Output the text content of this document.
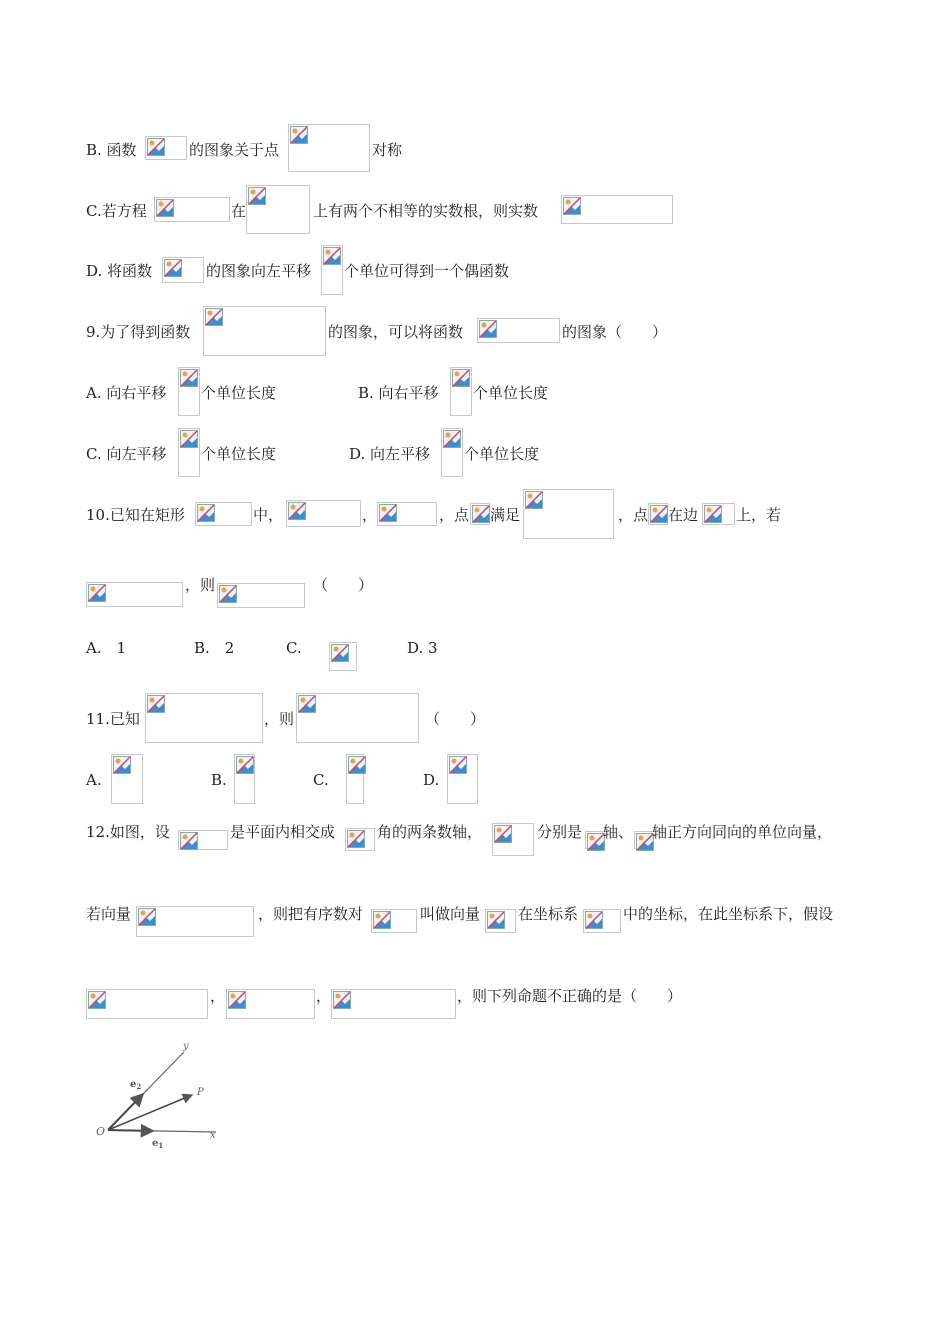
B. 函数	的图象关于点	对称
C.若方程	在	上有两个不相等的实数根，则实数
D. 将函数	的图象向左平移 个单位可得到一个偶函数
9.为了得到函数	的图象，可以将函数	的图象（　　）
A. 向右平移 个单位长度	B. 向右平移 个单位长度
C. 向左平移 个单位长度	D. 向左平移 个单位长度
10.已知在矩形	中，	，	，点 满足	，点 在边	上，若
，则	（　　）
A.　1	B.　2	C.	D. 3
11.已知	，则	（　　）
A.	B.	C.	D.
12.如图，设	是平面内相交成	角的两条数轴，	分别是 轴、 轴正方向同向的单位向量，
若向量	，则把有序数对	叫做向量	在坐标系	中的坐标，在此坐标系下，假设
，	，	，则下列命题不正确的是（　　）
y
P
O	x
$e_1$
$e_2$
